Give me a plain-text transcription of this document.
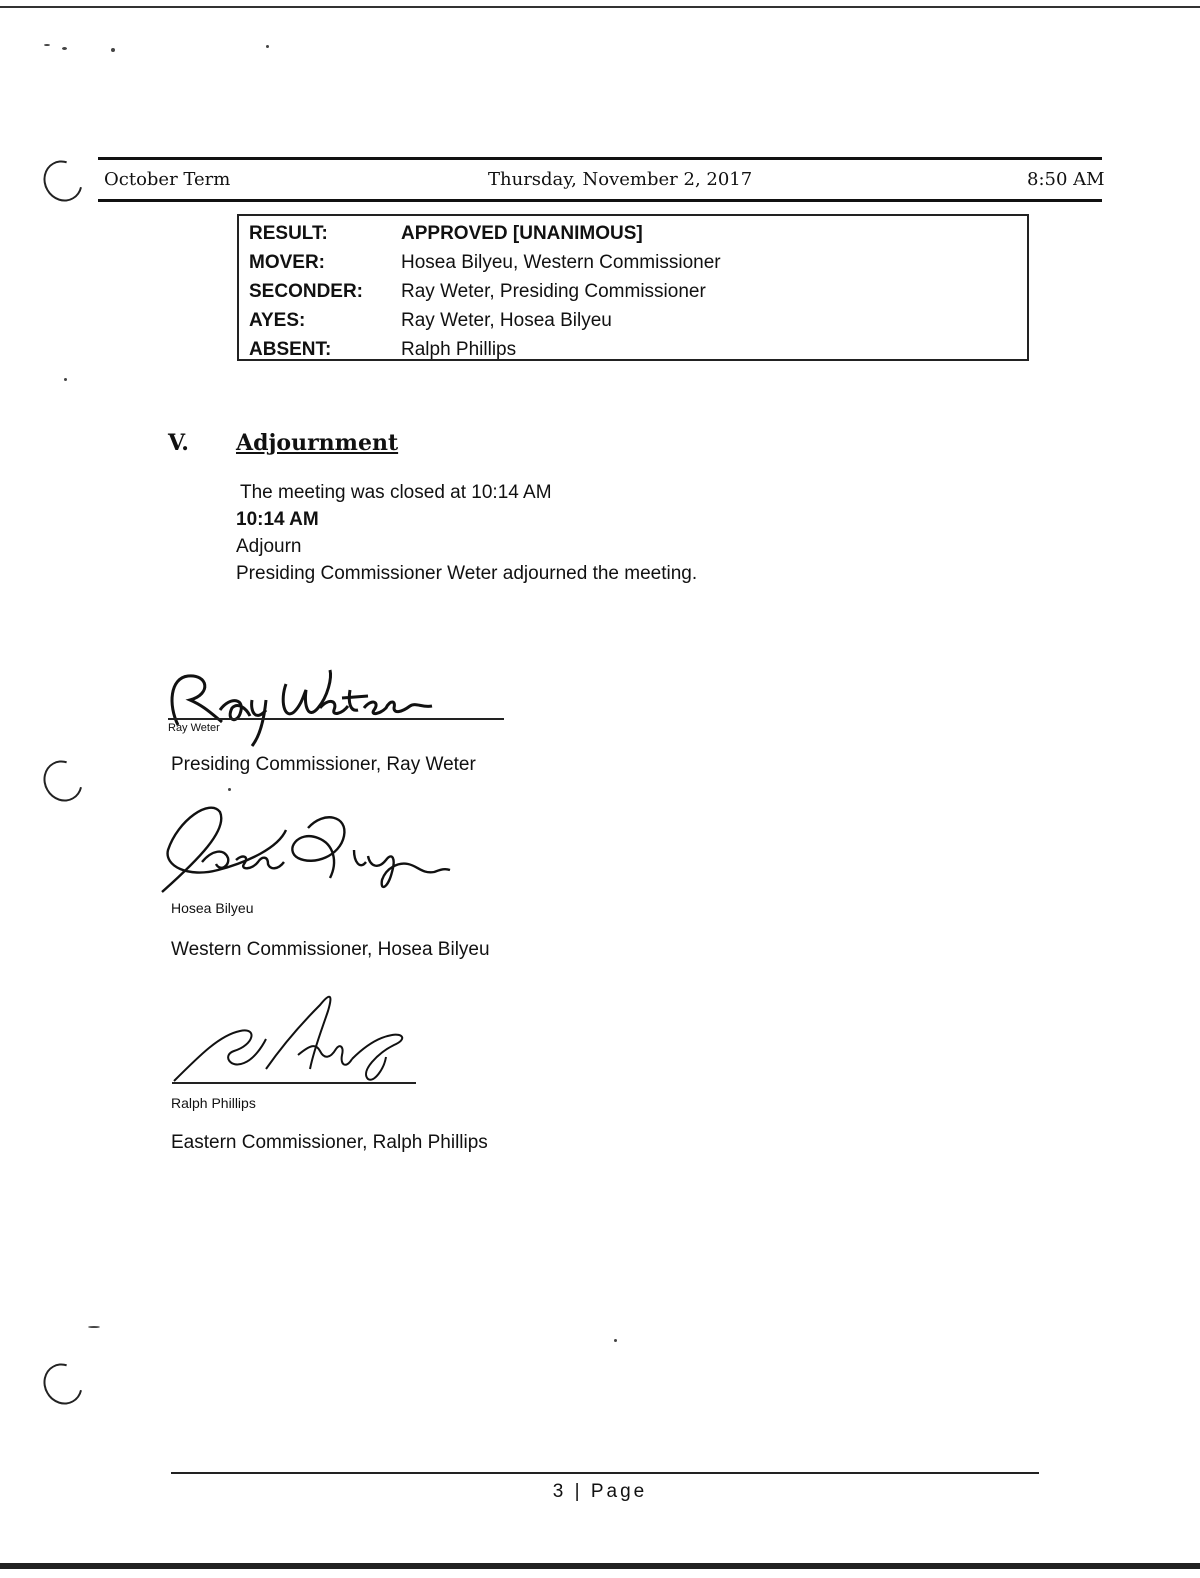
October Term	Thursday, November 2, 2017	8:50 AM
RESULT:	APPROVED [UNANIMOUS]
MOVER:	Hosea Bilyeu, Western Commissioner
SECONDER: Ray Weter, Presiding Commissioner
AYES:	Ray Weter, Hosea Bilyeu
ABSENT:	Ralph Phillips
V. Adjournment
The meeting was closed at 10:14 AM
10:14 AM
Adjourn
Presiding Commissioner Weter adjourned the meeting.
Ray Weter
Presiding Commissioner, Ray Weter
Hosea Bilyeu
Western Commissioner, Hosea Bilyeu
Ralph Phillips
Eastern Commissioner, Ralph Phillips
3 | Page
